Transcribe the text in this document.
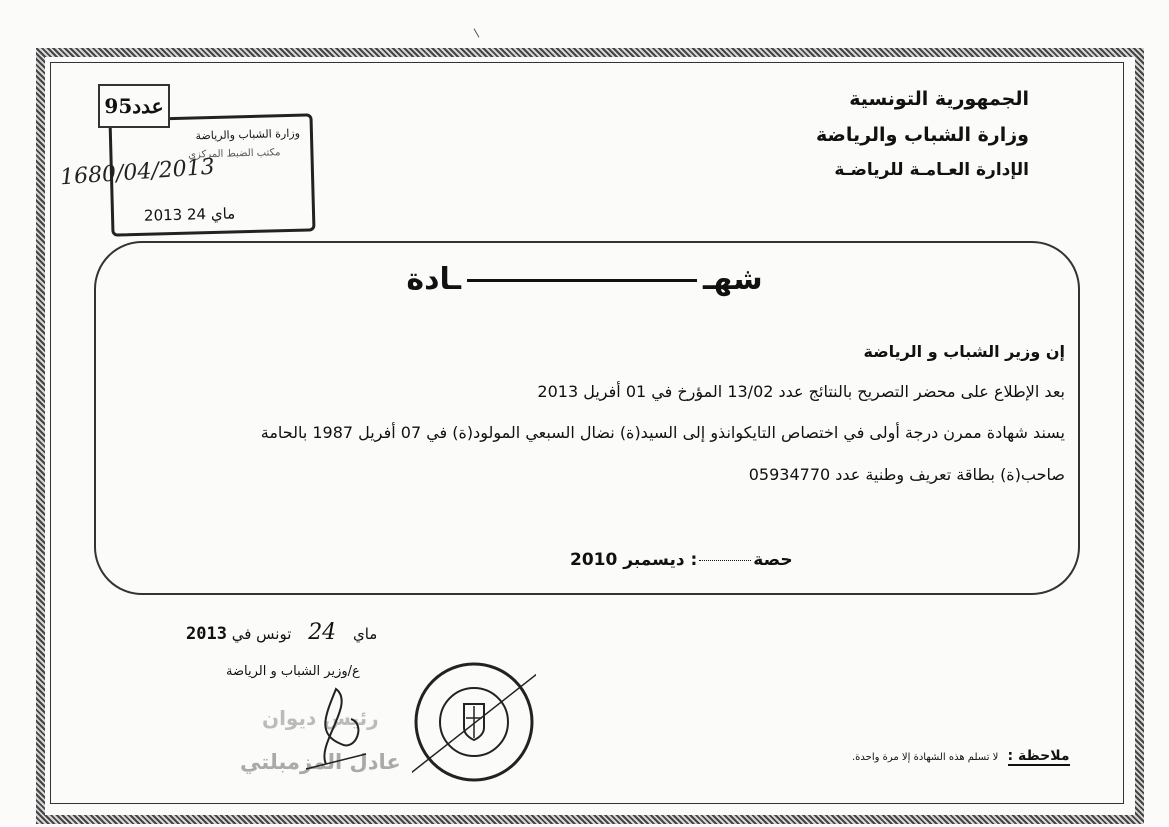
الجمهورية التونسية
وزارة الشباب والرياضة
الإدارة العـامـة للرياضـة
وزارة الشباب والرياضة
مكتب الضبط المركزي
2013 ماي 24
عدد95
1680/04/2013
شهــادة
إن وزير الشباب و الرياضة
بعد الإطلاع على محضر التصريح بالنتائج عدد 13/02 المؤرخ في 01 أفريل 2013
يسند شهادة ممرن درجة أولى في اختصاص التايكوانذو إلى السيد(ة) نضال السبعي المولود(ة) في 07 أفريل 1987 بالحامة
صاحب(ة) بطاقة تعريف وطنية عدد 05934770
حصة: ديسمبر 2010
2013	ماي 24 تونس في
ع/وزير الشباب و الرياضة
رئيس ديوان
عادل المزمبلتي	ملاحظة : لا تسلم هذه الشهادة إلا مرة واحدة.
